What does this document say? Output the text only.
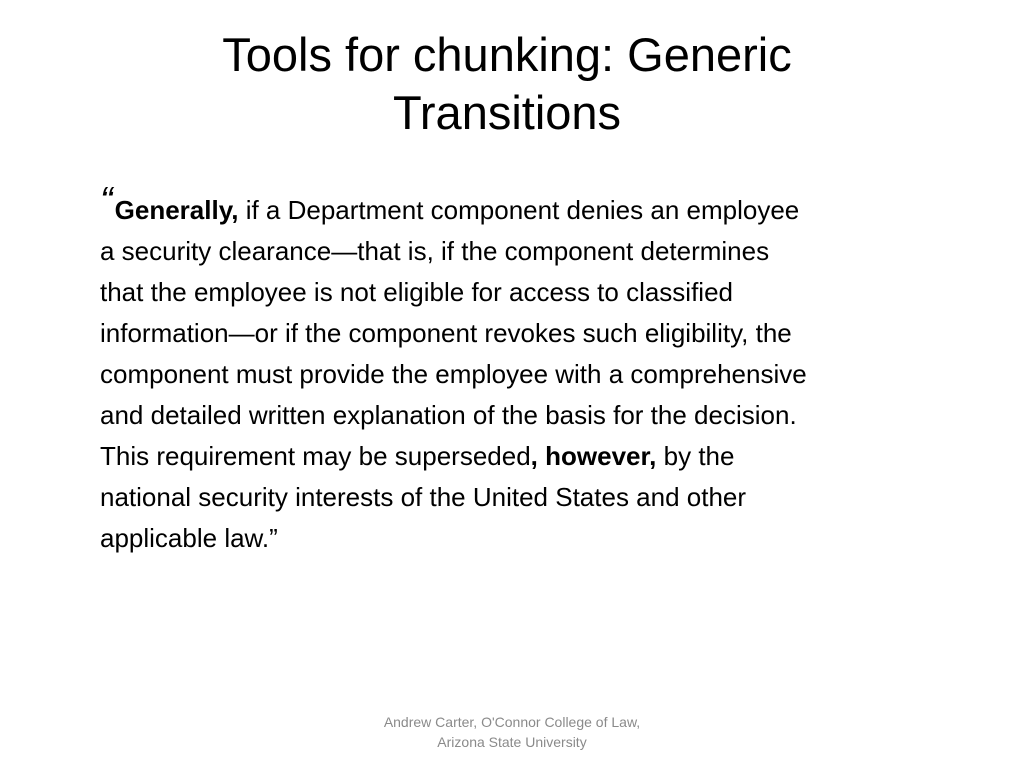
Tools for chunking: Generic
Transitions
“Generally, if a Department component denies an employee
a security clearance—that is, if the component determines
that the employee is not eligible for access to classified
information—or if the component revokes such eligibility, the
component must provide the employee with a comprehensive
and detailed written explanation of the basis for the decision.
This requirement may be superseded, however, by the
national security interests of the United States and other
applicable law.”
Andrew Carter, O'Connor College of Law,
Arizona State University
